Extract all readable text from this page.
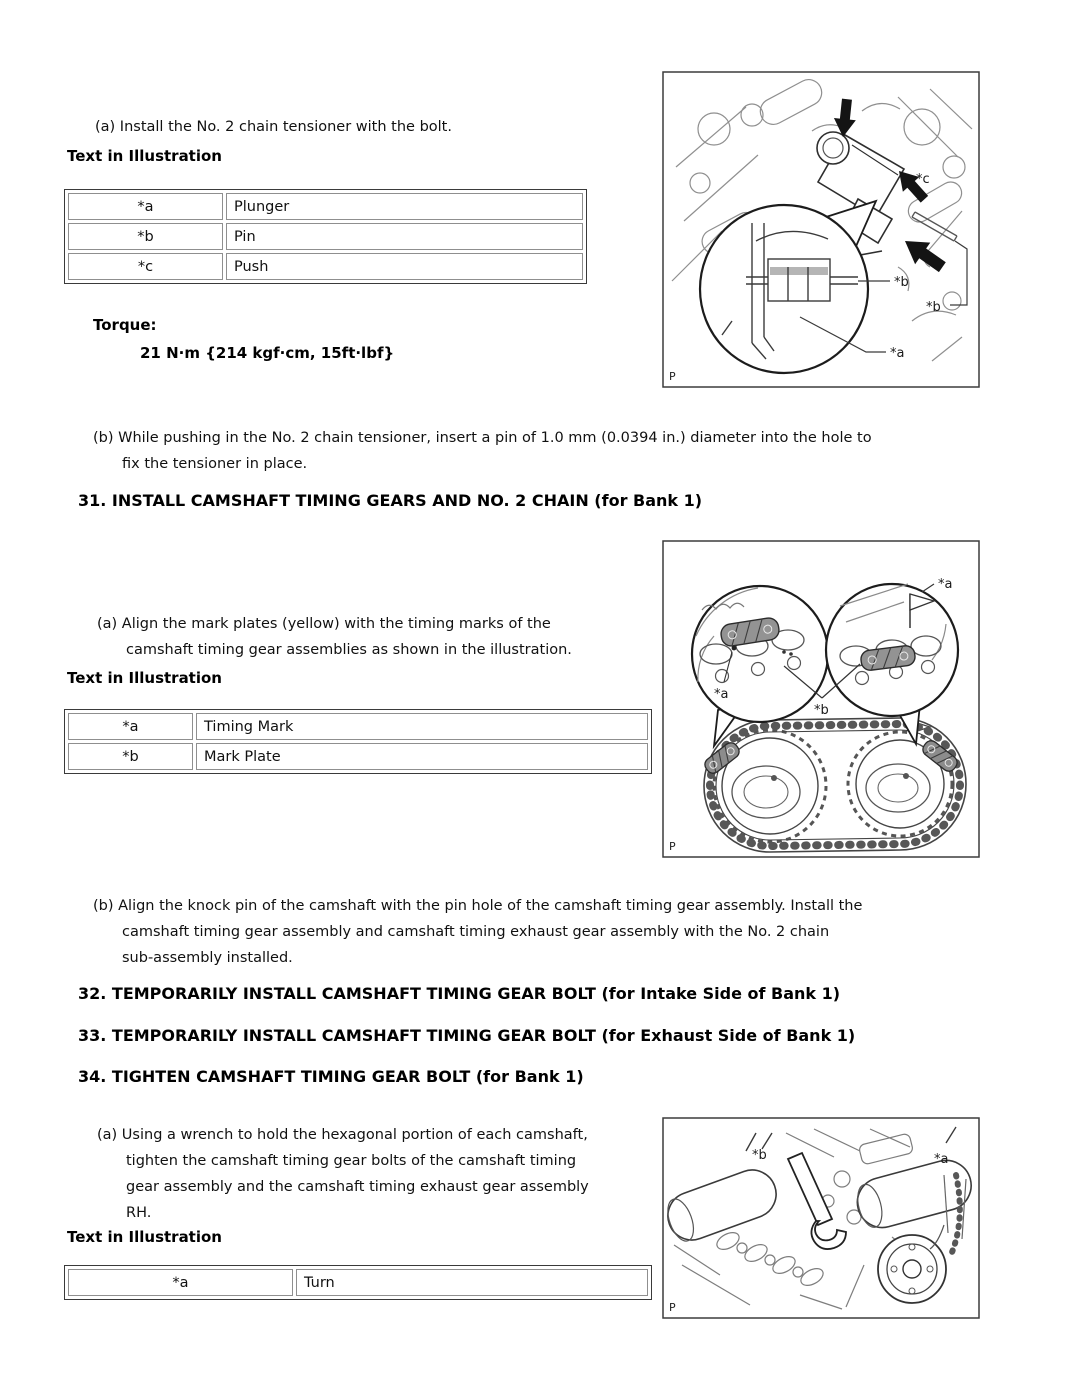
(a) Install the No. 2 chain tensioner with the bolt.
Text in Illustration
*a	Plunger
*b	Pin
*c	Push
Torque:
21 N·m {214 kgf·cm, 15ft·lbf}
(b) While pushing in the No. 2 chain tensioner, insert a pin of 1.0 mm (0.0394 in.) diameter into the hole to
fix the tensioner in place.
31. INSTALL CAMSHAFT TIMING GEARS AND NO. 2 CHAIN (for Bank 1)
(a) Align the mark plates (yellow) with the timing marks of the
camshaft timing gear assemblies as shown in the illustration.
Text in Illustration
*a	Timing Mark
*b	Mark Plate
(b) Align the knock pin of the camshaft with the pin hole of the camshaft timing gear assembly. Install the
camshaft timing gear assembly and camshaft timing exhaust gear assembly with the No. 2 chain
sub-assembly installed.
32. TEMPORARILY INSTALL CAMSHAFT TIMING GEAR BOLT (for Intake Side of Bank 1)
33. TEMPORARILY INSTALL CAMSHAFT TIMING GEAR BOLT (for Exhaust Side of Bank 1)
34. TIGHTEN CAMSHAFT TIMING GEAR BOLT (for Bank 1)
(a) Using a wrench to hold the hexagonal portion of each camshaft,
tighten the camshaft timing gear bolts of the camshaft timing
gear assembly and the camshaft timing exhaust gear assembly
RH.
Text in Illustration
*a	Turn
*b
*b
*a
*c
P
*a
*a
*b
P
*b	*a
P
